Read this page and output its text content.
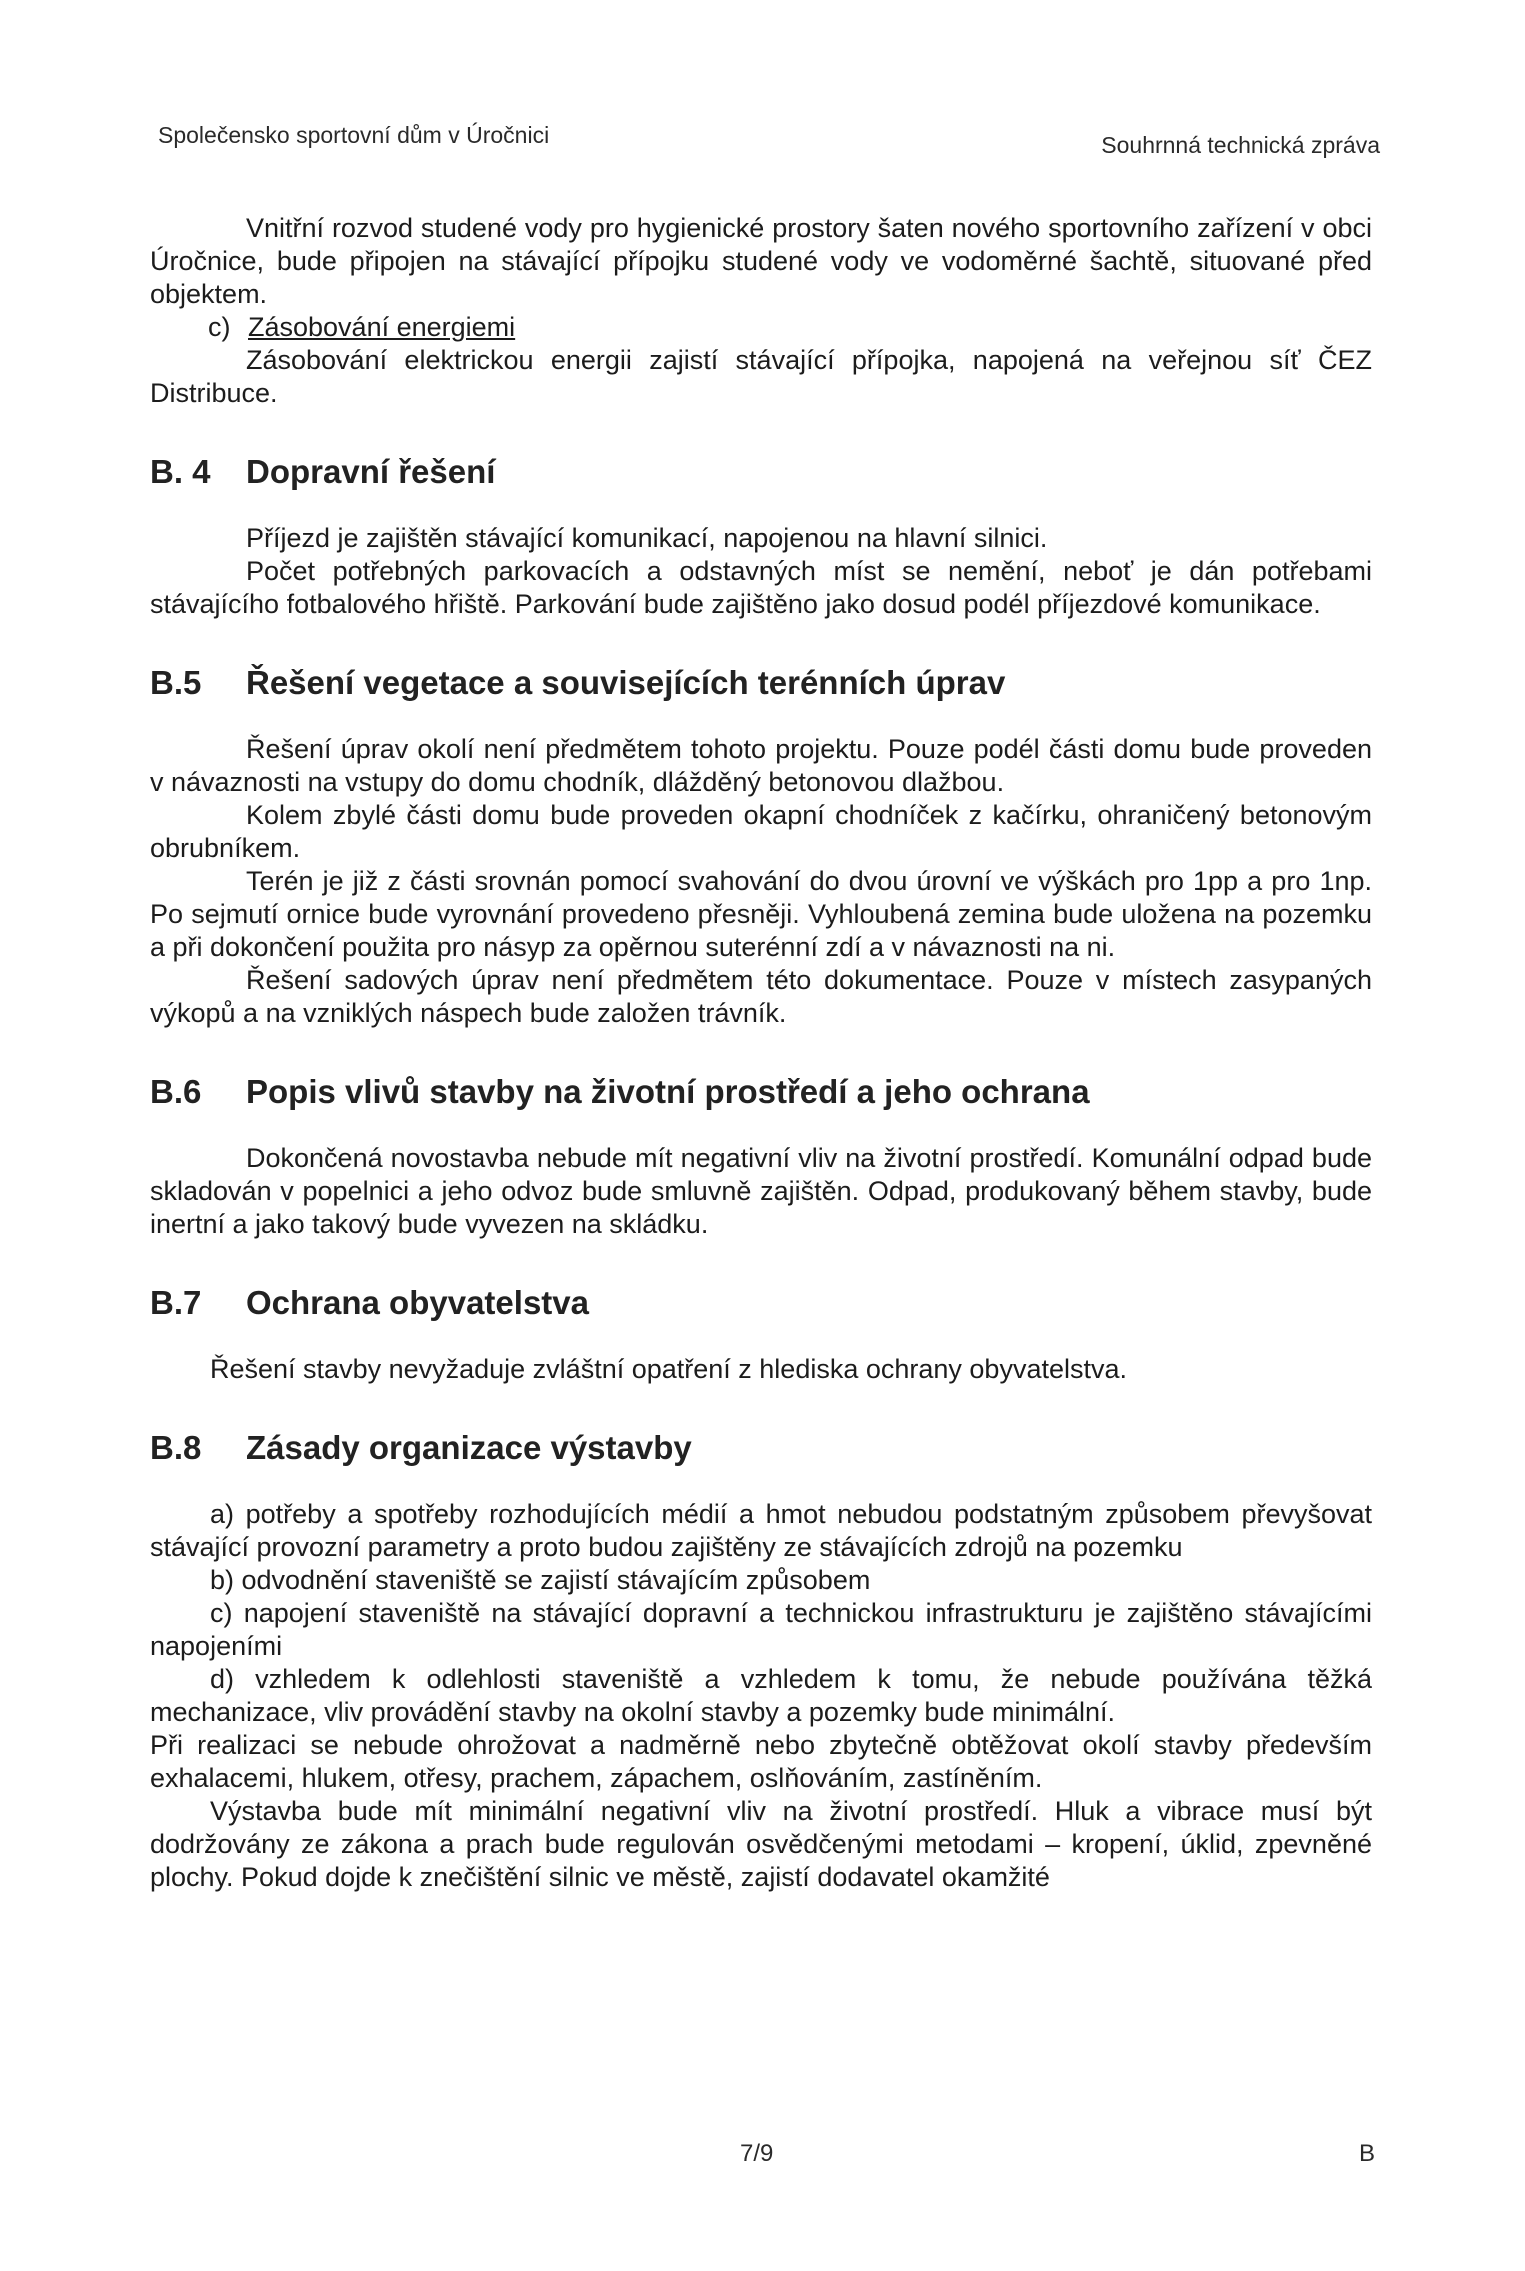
Společensko sportovní dům v Úročnici	Souhrnná technická zpráva

Vnitřní rozvod studené vody pro hygienické prostory šaten nového sportovního zařízení v obci Úročnice, bude připojen na stávající přípojku studené vody ve vodoměrné šachtě, situované před objektem.

c) Zásobování energiemi

Zásobování elektrickou energii zajistí stávající přípojka, napojená na veřejnou síť ČEZ Distribuce.

B. 4 Dopravní řešení

Příjezd je zajištěn stávající komunikací, napojenou na hlavní silnici.

Počet potřebných parkovacích a odstavných míst se nemění, neboť je dán potřebami stávajícího fotbalového hřiště. Parkování bude zajištěno jako dosud podél příjezdové komunikace.

B.5 Řešení vegetace a souvisejících terénních úprav

Řešení úprav okolí není předmětem tohoto projektu. Pouze podél části domu bude proveden v návaznosti na vstupy do domu chodník, dlážděný betonovou dlažbou.

Kolem zbylé části domu bude proveden okapní chodníček z kačírku, ohraničený betonovým obrubníkem.

Terén je již z části srovnán pomocí svahování do dvou úrovní ve výškách pro 1pp a pro 1np. Po sejmutí ornice bude vyrovnání provedeno přesněji. Vyhloubená zemina bude uložena na pozemku a při dokončení použita pro násyp za opěrnou suterénní zdí a v návaznosti na ni.

Řešení sadových úprav není předmětem této dokumentace. Pouze v místech zasypaných výkopů a na vzniklých náspech bude založen trávník.

B.6 Popis vlivů stavby na životní prostředí a jeho ochrana

Dokončená novostavba nebude mít negativní vliv na životní prostředí. Komunální odpad bude skladován v popelnici a jeho odvoz bude smluvně zajištěn. Odpad, produkovaný během stavby, bude inertní a jako takový bude vyvezen na skládku.

B.7 Ochrana obyvatelstva

Řešení stavby nevyžaduje zvláštní opatření z hlediska ochrany obyvatelstva.

B.8 Zásady organizace výstavby

a) potřeby a spotřeby rozhodujících médií a hmot nebudou podstatným způsobem převyšovat stávající provozní parametry a proto budou zajištěny ze stávajících zdrojů na pozemku

b) odvodnění staveniště se zajistí stávajícím způsobem

c) napojení staveniště na stávající dopravní a technickou infrastrukturu je zajištěno stávajícími napojeními

d) vzhledem k odlehlosti staveniště a vzhledem k tomu, že nebude používána těžká mechanizace, vliv provádění stavby na okolní stavby a pozemky bude minimální.

Při realizaci se nebude ohrožovat a nadměrně nebo zbytečně obtěžovat okolí stavby především exhalacemi, hlukem, otřesy, prachem, zápachem, oslňováním, zastíněním.

Výstavba bude mít minimální negativní vliv na životní prostředí. Hluk a vibrace musí být dodržovány ze zákona a prach bude regulován osvědčenými metodami – kropení, úklid, zpevněné plochy. Pokud dojde k znečištění silnic ve městě, zajistí dodavatel okamžité

7/9	B
